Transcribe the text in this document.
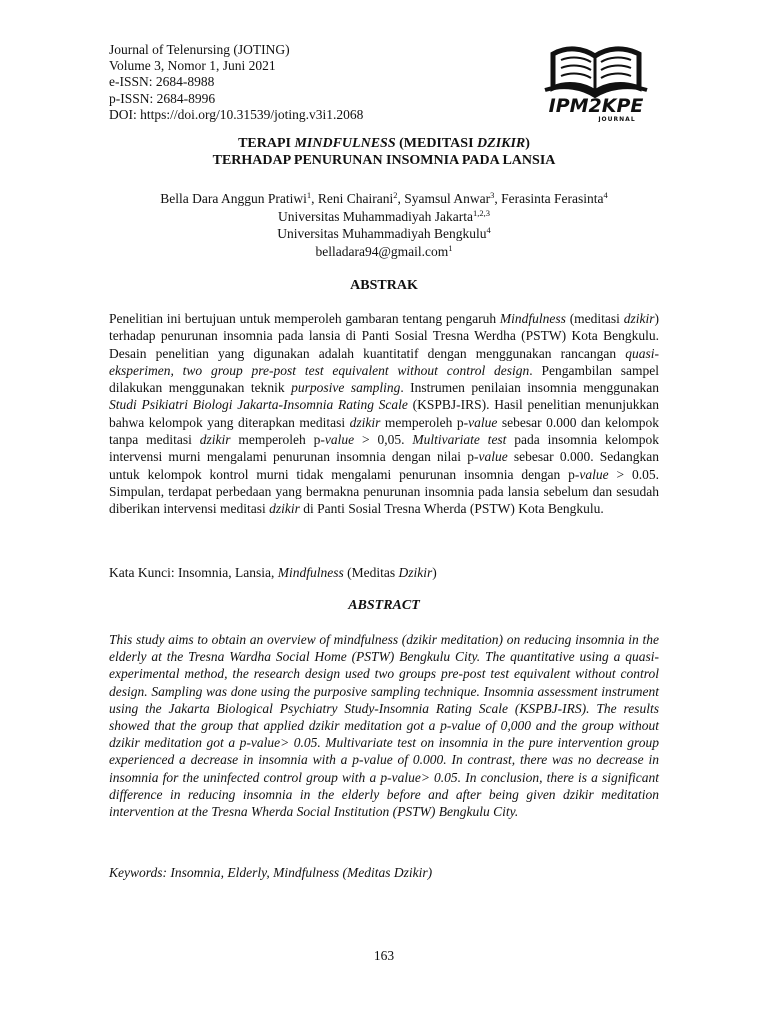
Journal of Telenursing (JOTING)
Volume 3, Nomor 1, Juni 2021
e-ISSN: 2684-8988
p-ISSN: 2684-8996
DOI: https://doi.org/10.31539/joting.v3i1.2068	IPM2KPE
JOURNAL
TERAPI MINDFULNESS (MEDITASI DZIKIR)
TERHADAP PENURUNAN INSOMNIA PADA LANSIA
Bella Dara Anggun Pratiwi$^1$, Reni Chairani$^2$, Syamsul Anwar$^3$, Ferasinta Ferasinta$^4$
Universitas Muhammadiyah Jakarta$^{1,2,3}$
Universitas Muhammadiyah Bengkulu$^4$
belladara94@gmail.com$^1$
ABSTRAK
Penelitian ini bertujuan untuk memperoleh gambaran tentang pengaruh Mindfulness (meditasi dzikir) terhadap penurunan insomnia pada lansia di Panti Sosial Tresna Werdha (PSTW) Kota Bengkulu. Desain penelitian yang digunakan adalah kuantitatif dengan menggunakan rancangan quasi-eksperimen, two group pre-post test equivalent without control design. Pengambilan sampel dilakukan menggunakan teknik purposive sampling. Instrumen penilaian insomnia menggunakan Studi Psikiatri Biologi Jakarta-Insomnia Rating Scale (KSPBJ-IRS). Hasil penelitian menunjukkan bahwa kelompok yang diterapkan meditasi dzikir memperoleh p-value sebesar 0.000 dan kelompok tanpa meditasi dzikir memperoleh p-value > 0,05. Multivariate test pada insomnia kelompok intervensi murni mengalami penurunan insomnia dengan nilai p-value sebesar 0.000. Sedangkan untuk kelompok kontrol murni tidak mengalami penurunan insomnia dengan p-value > 0.05. Simpulan, terdapat perbedaan yang bermakna penurunan insomnia pada lansia sebelum dan sesudah diberikan intervensi meditasi dzikir di Panti Sosial Tresna Wherda (PSTW) Kota Bengkulu.
Kata Kunci: Insomnia, Lansia, Mindfulness (Meditas Dzikir)
ABSTRACT
This study aims to obtain an overview of mindfulness (dzikir meditation) on reducing insomnia in the elderly at the Tresna Wardha Social Home (PSTW) Bengkulu City. The quantitative using a quasi-experimental method, the research design used two groups pre-post test equivalent without control design. Sampling was done using the purposive sampling technique. Insomnia assessment instrument using the Jakarta Biological Psychiatry Study-Insomnia Rating Scale (KSPBJ-IRS). The results showed that the group that applied dzikir meditation got a p-value of 0,000 and the group without dzikir meditation got a p-value> 0.05. Multivariate test on insomnia in the pure intervention group experienced a decrease in insomnia with a p-value of 0.000. In contrast, there was no decrease in insomnia for the uninfected control group with a p-value> 0.05. In conclusion, there is a significant difference in reducing insomnia in the elderly before and after being given dzikir meditation intervention at the Tresna Wherda Social Institution (PSTW) Bengkulu City.
Keywords: Insomnia, Elderly, Mindfulness (Meditas Dzikir)
163
